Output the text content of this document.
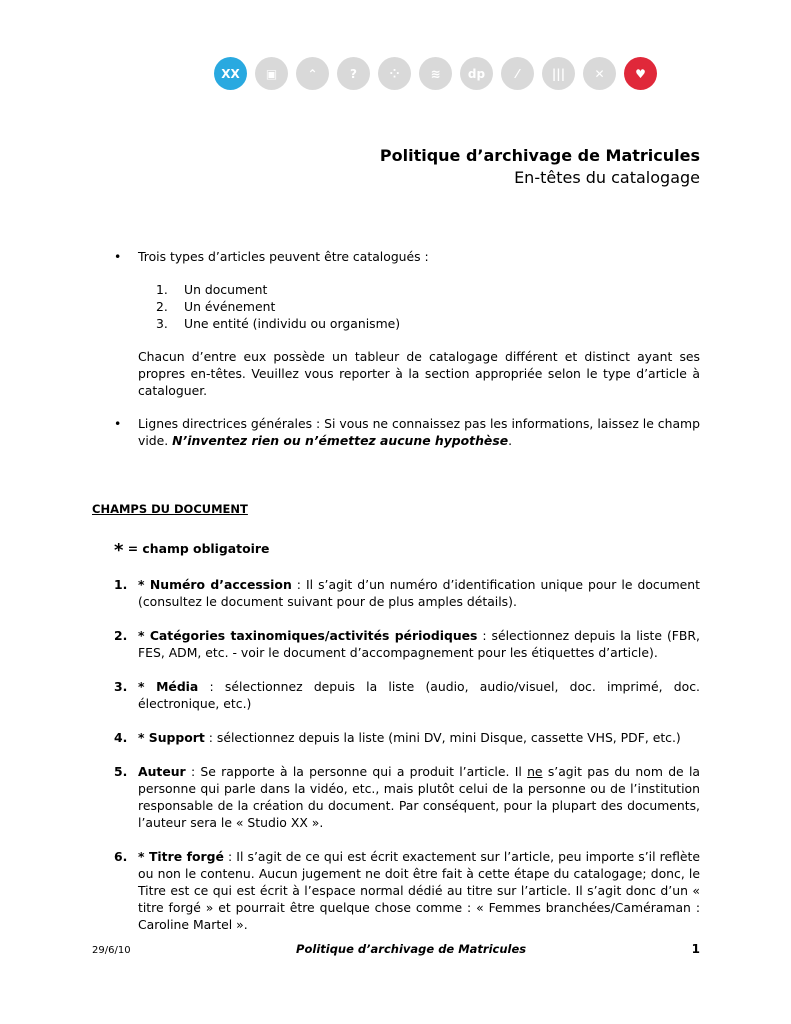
XX	▣	⌃	?	⁘	≋	dp	⁄	|||	✕	♥
Politique d’archivage de Matricules
En-têtes du catalogage
• Trois types d’articles peuvent être catalogués :
1. Un document
2. Un événement
3. Une entité (individu ou organisme)
Chacun d’entre eux possède un tableur de catalogage différent et distinct ayant ses propres en-têtes. Veuillez vous reporter à la section appropriée selon le type d’article à cataloguer.
• Lignes directrices générales : Si vous ne connaissez pas les informations, laissez le champ vide. N’inventez rien ou n’émettez aucune hypothèse.
CHAMPS DU DOCUMENT
* = champ obligatoire
1. * Numéro d’accession : Il s’agit d’un numéro d’identification unique pour le document (consultez le document suivant pour de plus amples détails).
2. * Catégories taxinomiques/activités périodiques : sélectionnez depuis la liste (FBR, FES, ADM, etc. - voir le document d’accompagnement pour les étiquettes d’article).
3. * Média : sélectionnez depuis la liste (audio, audio/visuel, doc. imprimé, doc. électronique, etc.)
4. * Support : sélectionnez depuis la liste (mini DV, mini Disque, cassette VHS, PDF, etc.)
5. Auteur : Se rapporte à la personne qui a produit l’article. Il ne s’agit pas du nom de la personne qui parle dans la vidéo, etc., mais plutôt celui de la personne ou de l’institution responsable de la création du document. Par conséquent, pour la plupart des documents, l’auteur sera le « Studio XX ».
6. * Titre forgé : Il s’agit de ce qui est écrit exactement sur l’article, peu importe s’il reflète ou non le contenu. Aucun jugement ne doit être fait à cette étape du catalogage; donc, le Titre est ce qui est écrit à l’espace normal dédié au titre sur l’article. Il s’agit donc d’un « titre forgé » et pourrait être quelque chose comme : « Femmes branchées/Caméraman : Caroline Martel ».
29/6/10	Politique d’archivage de Matricules	1
